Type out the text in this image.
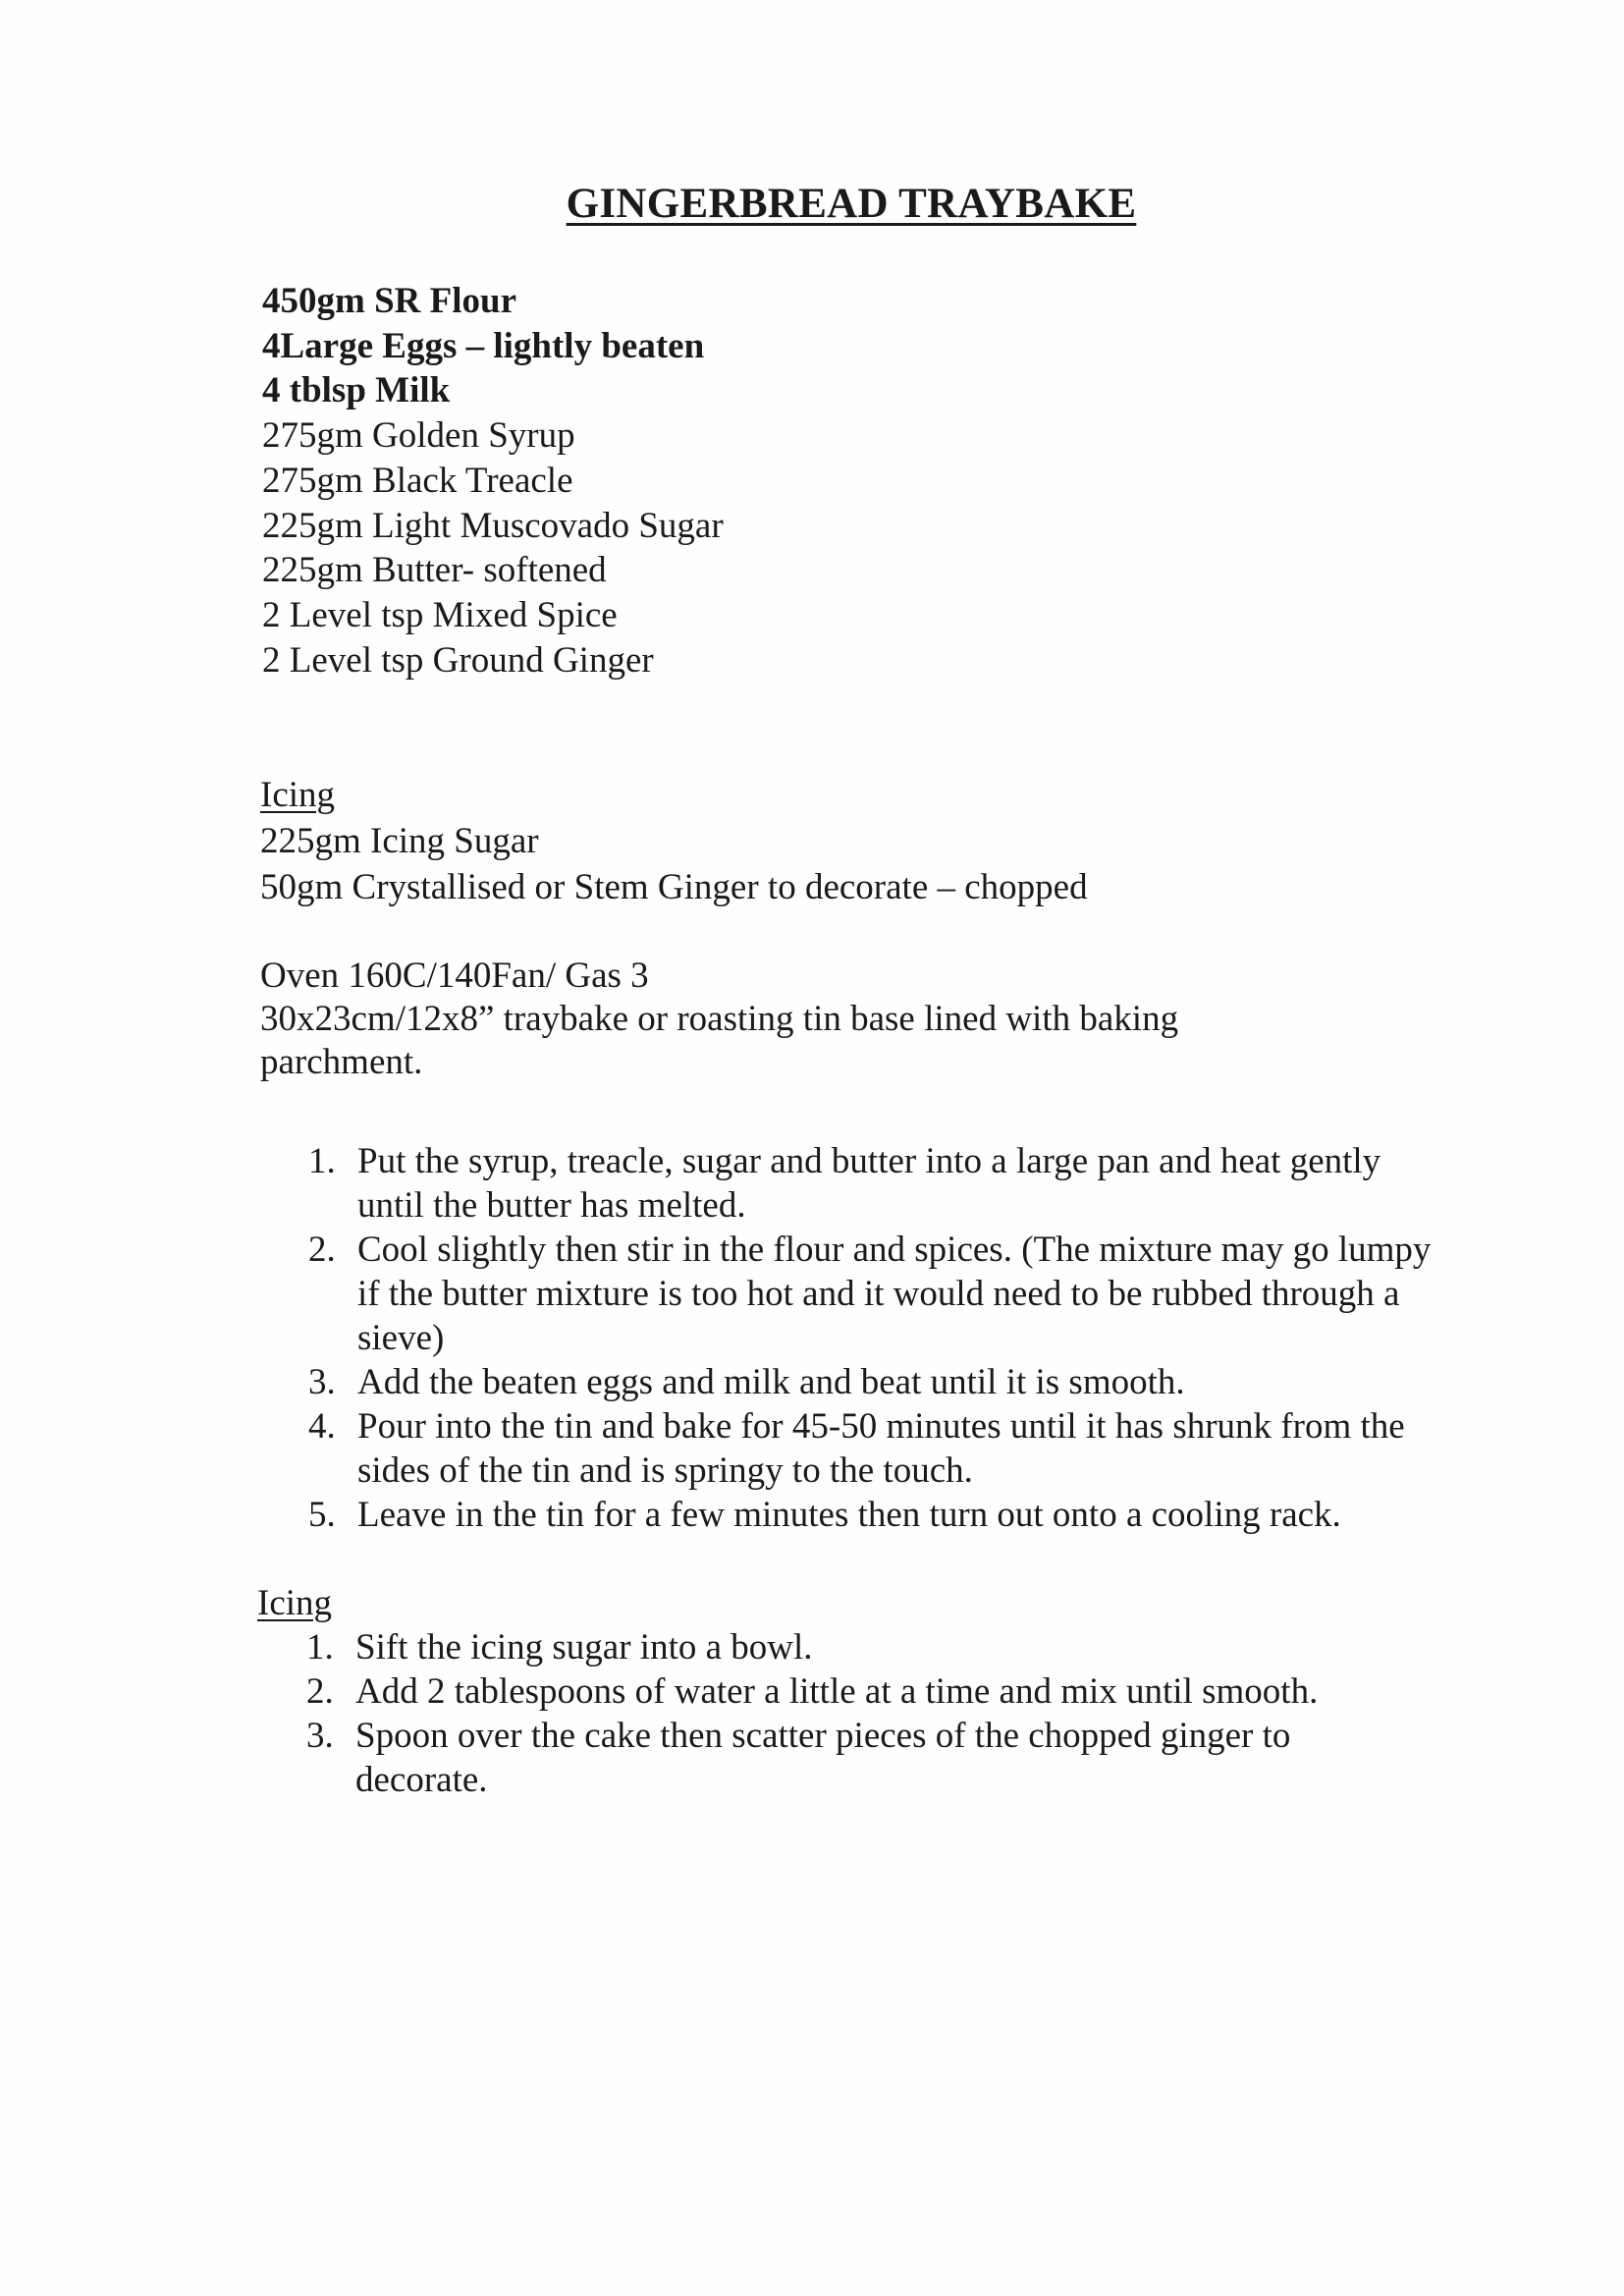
GINGERBREAD TRAYBAKE
450gm SR Flour
4Large Eggs – lightly beaten
4 tblsp Milk
275gm Golden Syrup
275gm Black Treacle
225gm Light Muscovado Sugar
225gm Butter- softened
2 Level tsp Mixed Spice
2 Level tsp Ground Ginger
Icing
225gm Icing Sugar
50gm Crystallised or Stem Ginger to decorate – chopped

Oven 160C/140Fan/ Gas 3

30x23cm/12x8” traybake or roasting tin base lined with baking parchment.

1. Put the syrup, treacle, sugar and butter into a large pan and heat gently until the butter has melted.
2. Cool slightly then stir in the flour and spices. (The mixture may go lumpy if the butter mixture is too hot and it would need to be rubbed through a sieve)
3. Add the beaten eggs and milk and beat until it is smooth.
4. Pour into the tin and bake for 45-50 minutes until it has shrunk from the sides of the tin and is springy to the touch.
5. Leave in the tin for a few minutes then turn out onto a cooling rack.
Icing
1. Sift the icing sugar into a bowl.
2. Add 2 tablespoons of water a little at a time and mix until smooth.
3. Spoon over the cake then scatter pieces of the chopped ginger to decorate.
